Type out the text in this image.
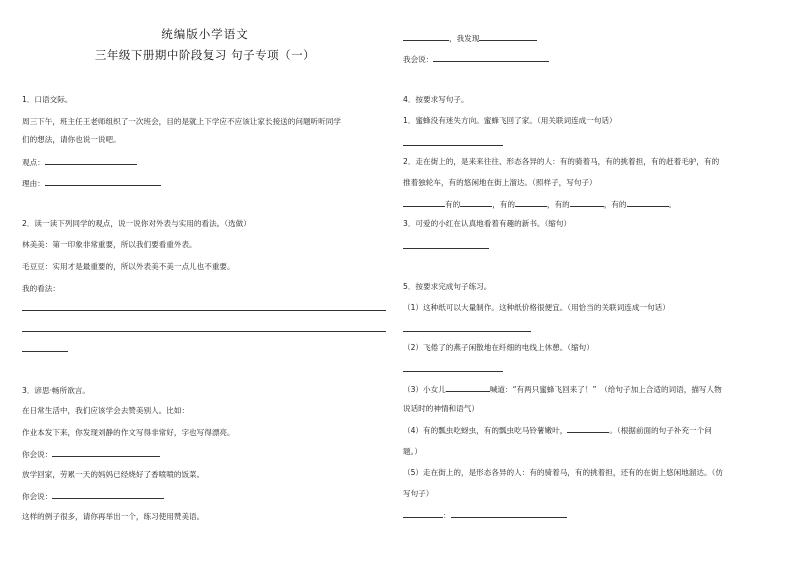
统编版小学语文
三年级下册期中阶段复习 句子专项（一）
1．口语交际。
周三下午，班主任王老师组织了一次班会，目的是就上下学应不应该让家长接送的问题听听同学
们的想法，请你也说一说吧。
观点：
理由：
2．读一读下列同学的观点，说一说你对外表与实用的看法。（选做）
林美美：第一印象非常重要，所以我们要看重外表。
毛豆豆：实用才是最重要的，所以外表美不美一点儿也不重要。
我的看法：
3．谚思·畅所欲言。
在日常生活中，我们应该学会去赞美别人。比如：
作业本发下来，你发现刘静的作文写得非常好，字也写得漂亮。
你会说：
放学回家，劳累一天的妈妈已经烧好了香喷喷的饭菜。
你会说：
这样的例子很多，请你再举出一个，练习使用赞美语。
，我发现
我会说：
4．按要求写句子。
1．蜜蜂没有迷失方向。蜜蜂飞回了家。（用关联词连成一句话）
2．走在街上的，是来来往往、形态各异的人：有的骑着马，有的挑着担，有的赶着毛驴，有的
推着独轮车，有的悠闲地在街上溜达。（照样子，写句子）
有的	，有的	，有的	，有的	。
3．可爱的小红在认真地看着有趣的新书。（缩句）
5．按要求完成句子练习。
（1）这种纸可以大量制作。这种纸价格很便宜。（用恰当的关联词连成一句话）
（2）飞倦了的燕子闲散地在纤细的电线上休憩。（缩句）
（3）小女儿	喊道：“有两只蜜蜂飞回来了！”　（给句子加上合适的词语，描写人物
说话时的神情和语气）
（4）有的瓢虫吃蚜虫，有的瓢虫吃马铃薯嫩叶，	。（根据前面的句子补充一个问
题。）
（5）走在街上的，是形态各异的人：有的骑着马，有的挑着担，还有的在街上悠闲地溜达。（仿
写句子）
：
